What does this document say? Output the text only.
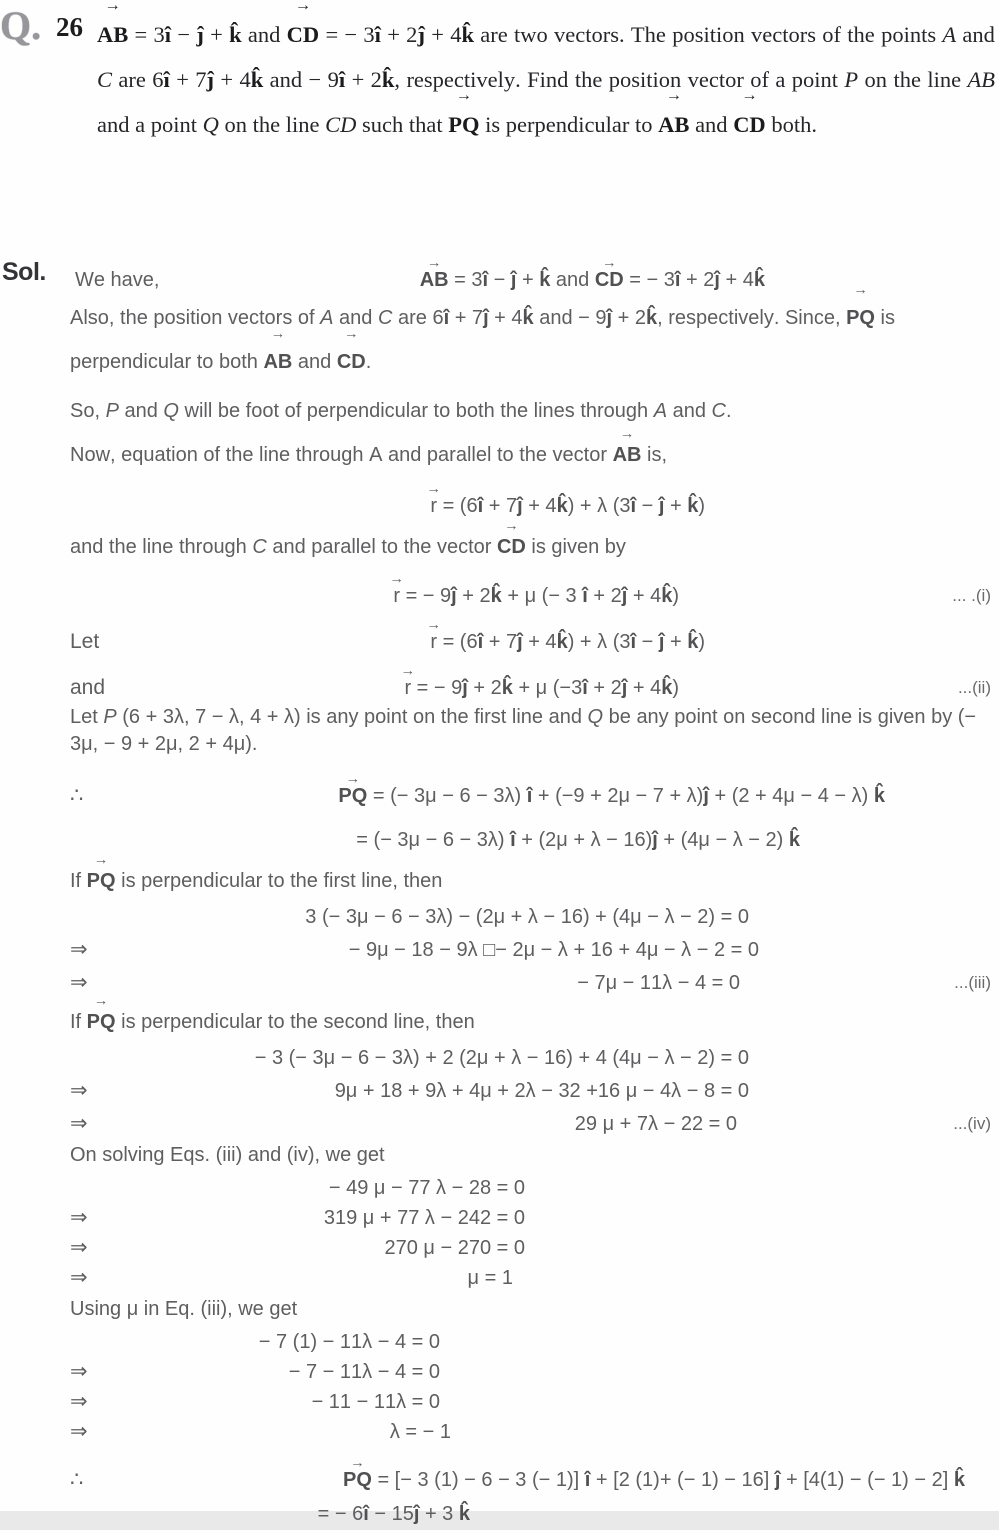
Q. 26 AB → = 3î − ĵ + k̂ and CD → = − 3î + 2ĵ + 4k̂ are two vectors. The position vectors of the points A and C are 6î + 7ĵ + 4k̂ and − 9î + 2k̂, respectively. Find the position vector of a point P on the line AB and a point Q on the line CD such that PQ → is perpendicular to AB → and CD → both.
Sol. We have,	AB → = 3î − ĵ + k̂ and CD → = − 3î + 2ĵ + 4k̂
Also, the position vectors of A and C are 6î + 7ĵ + 4k̂ and − 9ĵ + 2k̂, respectively. Since, PQ → is perpendicular to both AB → and CD →.
So, P and Q will be foot of perpendicular to both the lines through A and C.
Now, equation of the line through A and parallel to the vector AB → is,
r → = (6î + 7ĵ + 4k̂) + λ (3î − ĵ + k̂)
and the line through C and parallel to the vector CD → is given by
r → = − 9ĵ + 2k̂ + μ (− 3 î + 2ĵ + 4k̂)	... .(i)
Let	r → = (6î + 7ĵ + 4k̂) + λ (3î − ĵ + k̂)
and	r → = − 9ĵ + 2k̂ + μ (−3î + 2ĵ + 4k̂)	...(ii)
Let P (6 + 3λ, 7 − λ, 4 + λ) is any point on the first line and Q be any point on second line is given by (− 3μ, − 9 + 2μ, 2 + 4μ).
∴	PQ → = (− 3μ − 6 − 3λ) î + (−9 + 2μ − 7 + λ)ĵ + (2 + 4μ − 4 − λ) k̂
= (− 3μ − 6 − 3λ) î + (2μ + λ − 16)ĵ + (4μ − λ − 2) k̂
If PQ → is perpendicular to the first line, then
3 (− 3μ − 6 − 3λ) − (2μ + λ − 16) + (4μ − λ − 2) = 0
⇒	− 9μ − 18 − 9λ □− 2μ − λ + 16 + 4μ − λ − 2 = 0
⇒	− 7μ − 11λ − 4 = 0	...(iii)
If PQ → is perpendicular to the second line, then
− 3 (− 3μ − 6 − 3λ) + 2 (2μ + λ − 16) + 4 (4μ − λ − 2) = 0
⇒	9μ + 18 + 9λ + 4μ + 2λ − 32 +16 μ − 4λ − 8 = 0
⇒	29 μ + 7λ − 22 = 0	...(iv)
On solving Eqs. (iii) and (iv), we get
− 49 μ − 77 λ − 28 = 0
⇒	319 μ + 77 λ − 242 = 0
⇒	270 μ − 270 = 0
⇒	μ = 1
Using μ in Eq. (iii), we get
− 7 (1) − 11λ − 4 = 0
⇒	− 7 − 11λ − 4 = 0
⇒	− 11 − 11λ = 0
⇒	λ = − 1
∴	PQ → = [− 3 (1) − 6 − 3 (− 1)] î + [2 (1)+ (− 1) − 16] ĵ + [4(1) − (− 1) − 2] k̂
= − 6î − 15ĵ + 3 k̂
